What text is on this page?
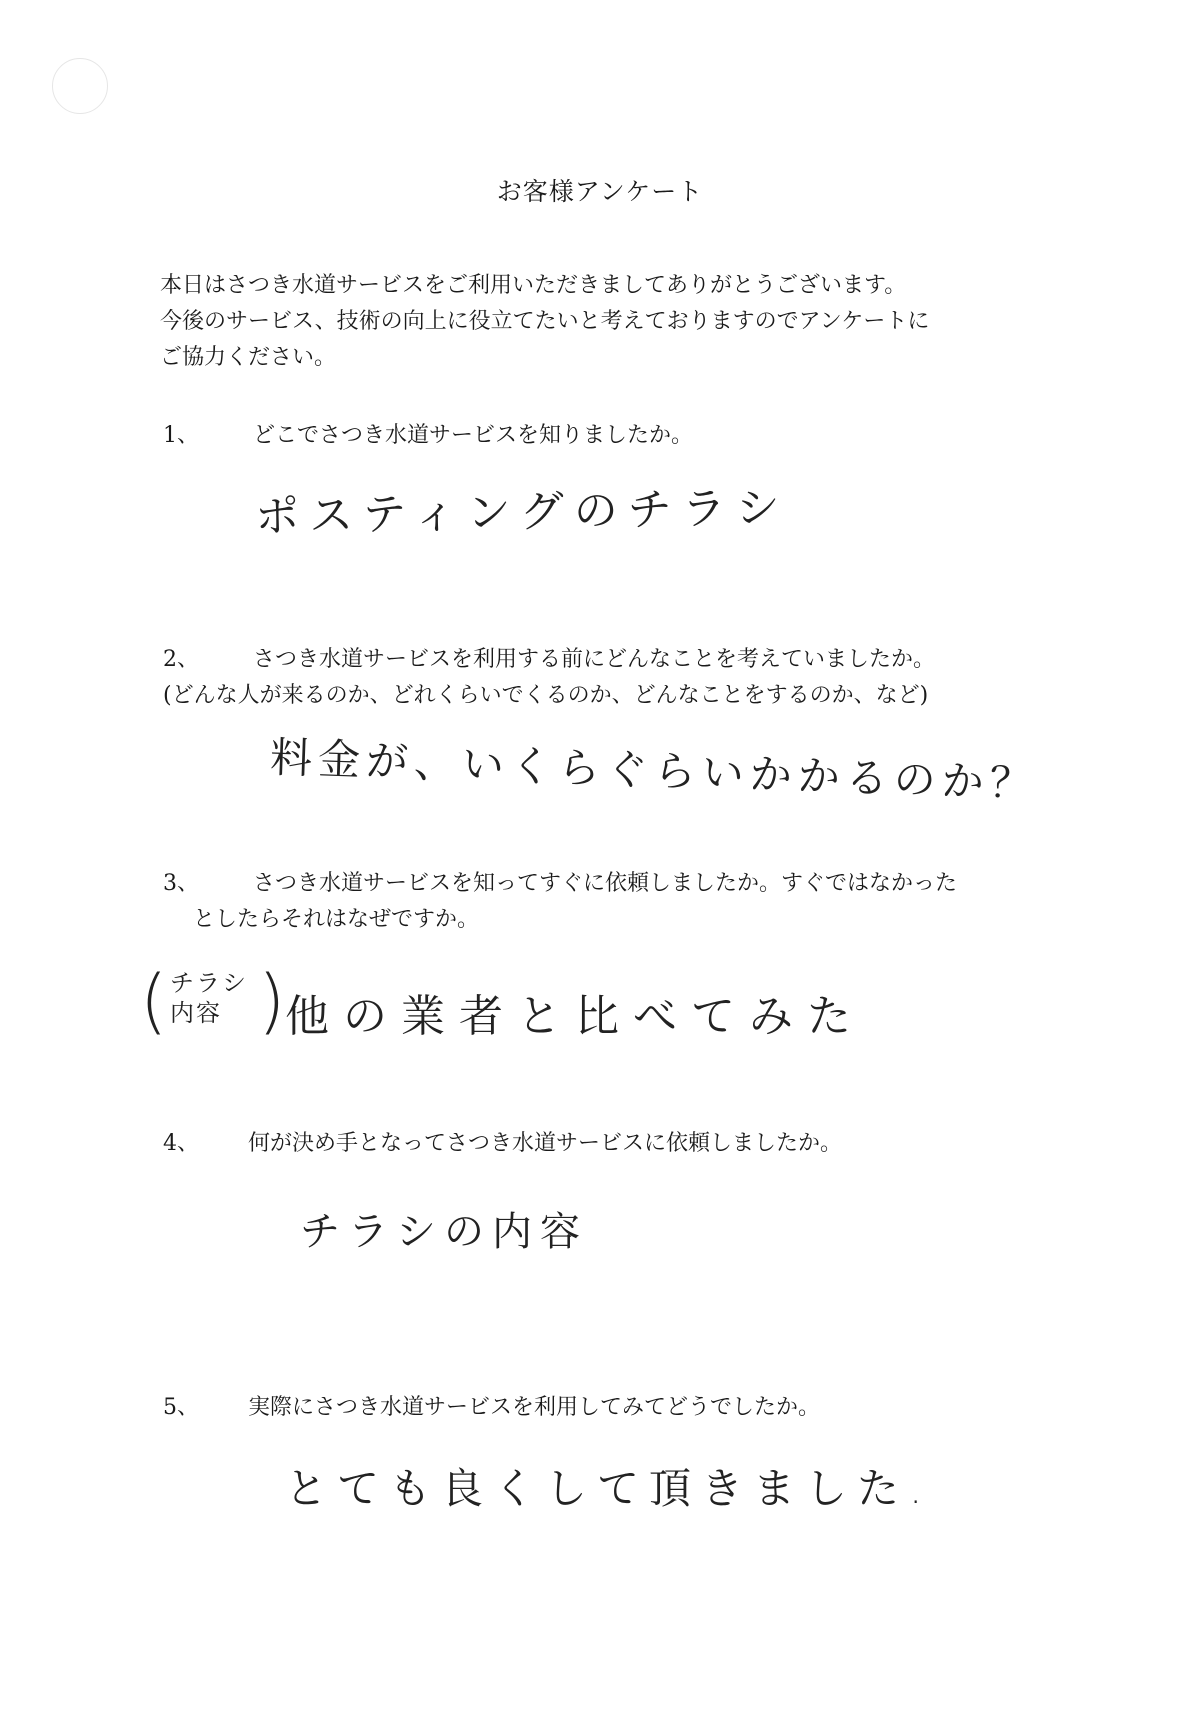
お客様アンケート
本日はさつき水道サービスをご利用いただきましてありがとうございます。
今後のサービス、技術の向上に役立てたいと考えておりますのでアンケートに
ご協力ください。
1、 どこでさつき水道サービスを知りましたか。
ポスティングのチラシ
2、 さつき水道サービスを利用する前にどんなことを考えていましたか。
(どんな人が来るのか、どれくらいでくるのか、どんなことをするのか、など)
料金が、いくらぐらいかかるのか？
3、 さつき水道サービスを知ってすぐに依頼しましたか。すぐではなかった
としたらそれはなぜですか。
( チラシ内容 ) 他の業者と比べてみた
4、 何が決め手となってさつき水道サービスに依頼しましたか。
チラシの内容
5、 実際にさつき水道サービスを利用してみてどうでしたか。
とても良くして頂きました.
